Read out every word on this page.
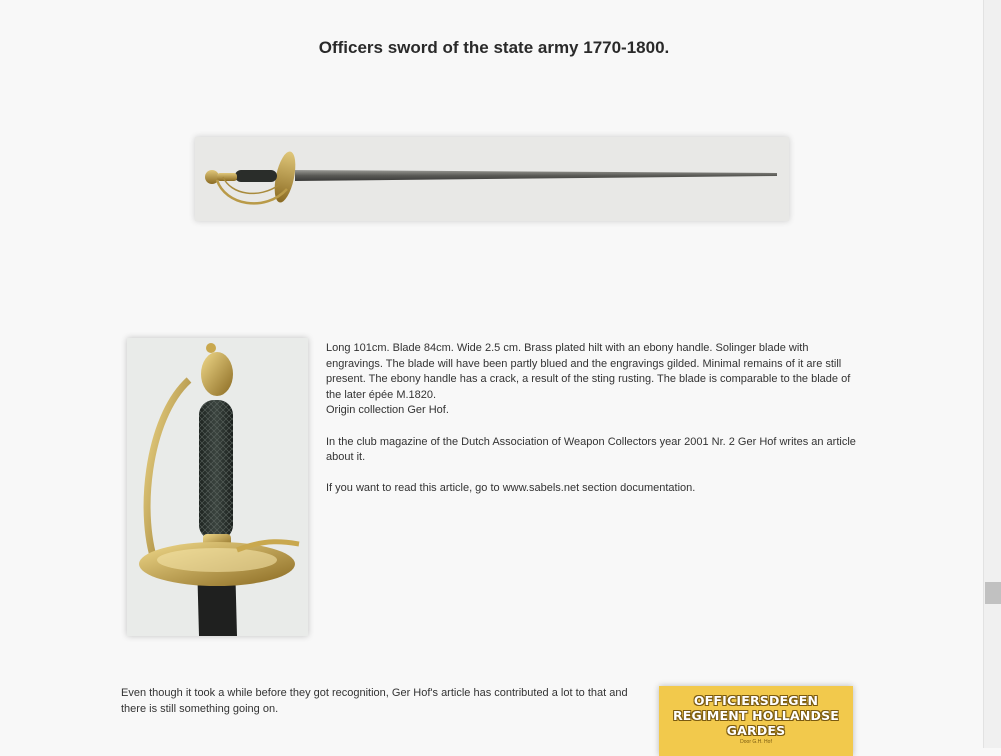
Officers sword of the state army 1770-1800.

Long 101cm. Blade 84cm. Wide 2.5 cm. Brass plated hilt with an ebony handle. Solinger blade with engravings. The blade will have been partly blued and the engravings gilded. Minimal remains of it are still present. The ebony handle has a crack, a result of the sting rusting. The blade is comparable to the blade of the later épée M.1820.

Origin collection Ger Hof.

In the club magazine of the Dutch Association of Weapon Collectors year 2001 Nr. 2 Ger Hof writes an article about it.

If you want to read this article, go to www.sabels.net section documentation.

Even though it took a while before they got recognition, Ger Hof's article has contributed a lot to that and there is still something going on.
OFFICIERSDEGEN
REGIMENT HOLLANDSE
GARDES
Door G.H. Hof
